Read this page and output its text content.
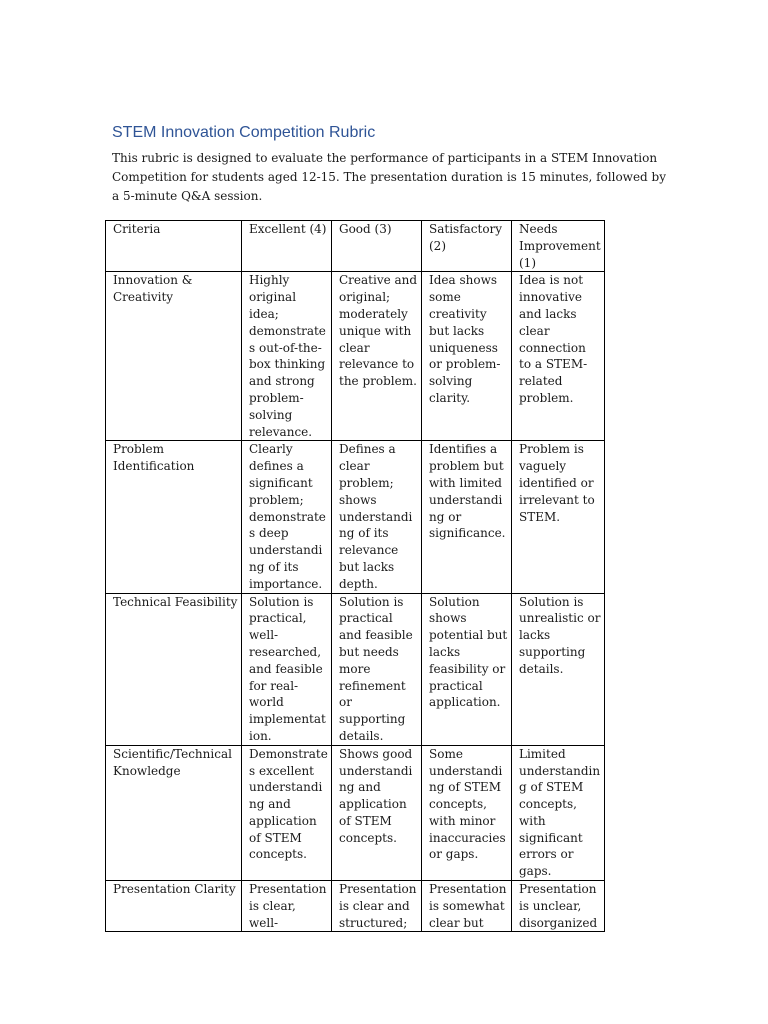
STEM Innovation Competition Rubric

This rubric is designed to evaluate the performance of participants in a STEM Innovation Competition for students aged 12-15. The presentation duration is 15 minutes, followed by a 5-minute Q&A session.

Criteria	Excellent (4)	Good (3)	Satisfactory (2)	Needs Improvement (1)
Innovation & Creativity	Highly original idea; demonstrates out-of-the-box thinking and strong problem-solving relevance.	Creative and original; moderately unique with clear relevance to the problem.	Idea shows some creativity but lacks uniqueness or problem-solving clarity.	Idea is not innovative and lacks clear connection to a STEM-related problem.
Problem Identification	Clearly defines a significant problem; demonstrates deep understanding of its importance.	Defines a clear problem; shows understanding of its relevance but lacks depth.	Identifies a problem but with limited understanding or significance.	Problem is vaguely identified or irrelevant to STEM.
Technical Feasibility	Solution is practical, well-researched, and feasible for real-world implementation.	Solution is practical and feasible but needs more refinement or supporting details.	Solution shows potential but lacks feasibility or practical application.	Solution is unrealistic or lacks supporting details.
Scientific/Technical Knowledge	Demonstrates excellent understanding and application of STEM concepts.	Shows good understanding and application of STEM concepts.	Some understanding of STEM concepts, with minor inaccuracies or gaps.	Limited understanding of STEM concepts, with significant errors or gaps.
Presentation Clarity	Presentation is clear, well-	Presentation is clear and structured;	Presentation is somewhat clear but	Presentation is unclear, disorganized
